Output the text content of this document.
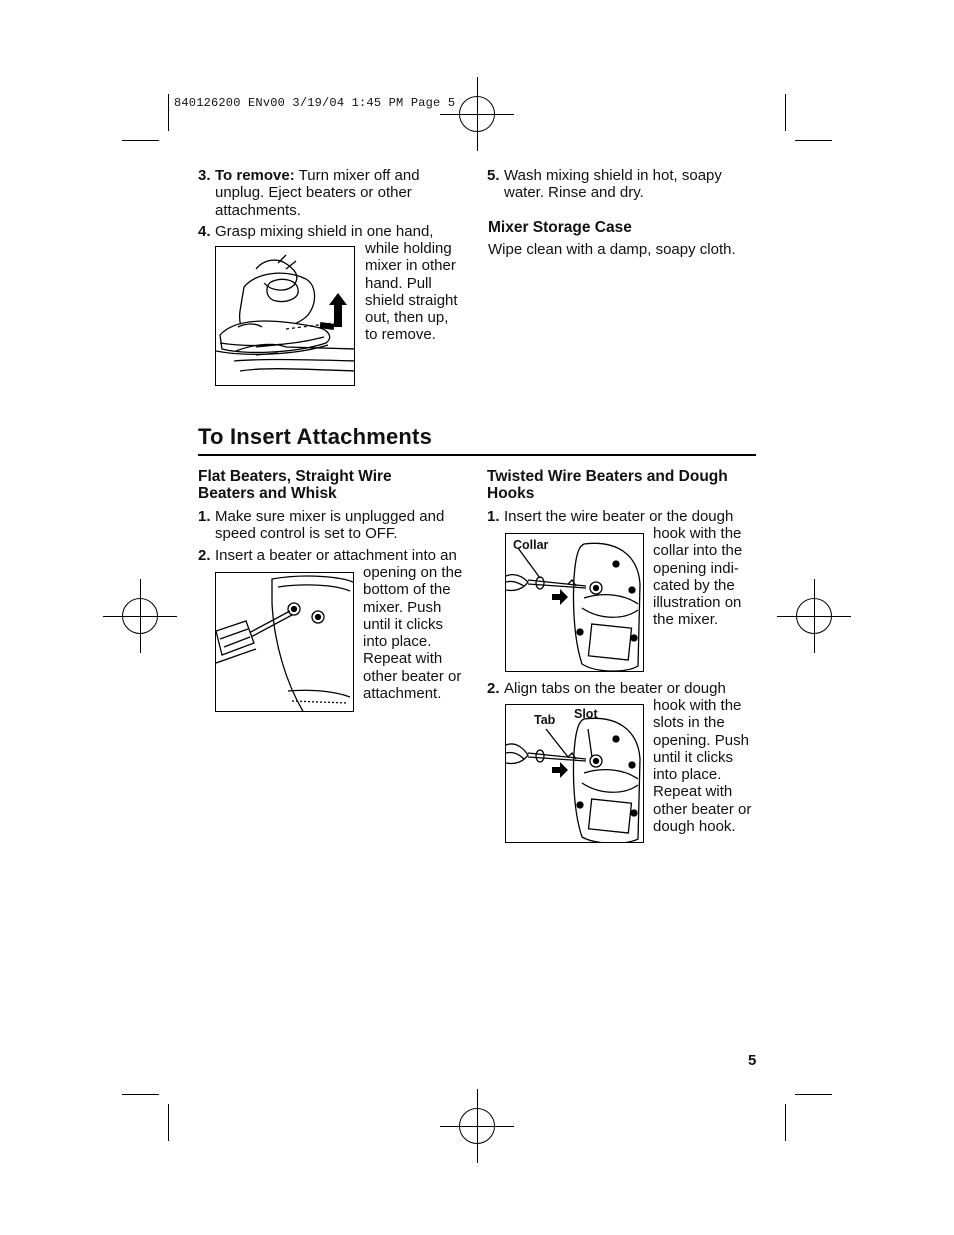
840126200 ENv00 3/19/04 1:45 PM Page 5
3. To remove: Turn mixer off and unplug. Eject beaters or other attachments.
4. Grasp mixing shield in one hand,
while holding
mixer in other
hand. Pull
shield straight
out, then up,
to remove.
5. Wash mixing shield in hot, soapy water. Rinse and dry.
Mixer Storage Case
Wipe clean with a damp, soapy cloth.
To Insert Attachments
Flat Beaters, Straight Wire Beaters and Whisk
1. Make sure mixer is unplugged and speed control is set to OFF.
2. Insert a beater or attachment into an
opening on the
bottom of the
mixer. Push
until it clicks
into place.
Repeat with
other beater or
attachment.
Twisted Wire Beaters and Dough Hooks
1. Insert the wire beater or the dough
hook with the
collar into the
opening indi-
cated by the
illustration on
the mixer.
Collar
2. Align tabs on the beater or dough
hook with the
slots in the
opening. Push
until it clicks
into place.
Repeat with
other beater or
dough hook.
Tab Slot
5
